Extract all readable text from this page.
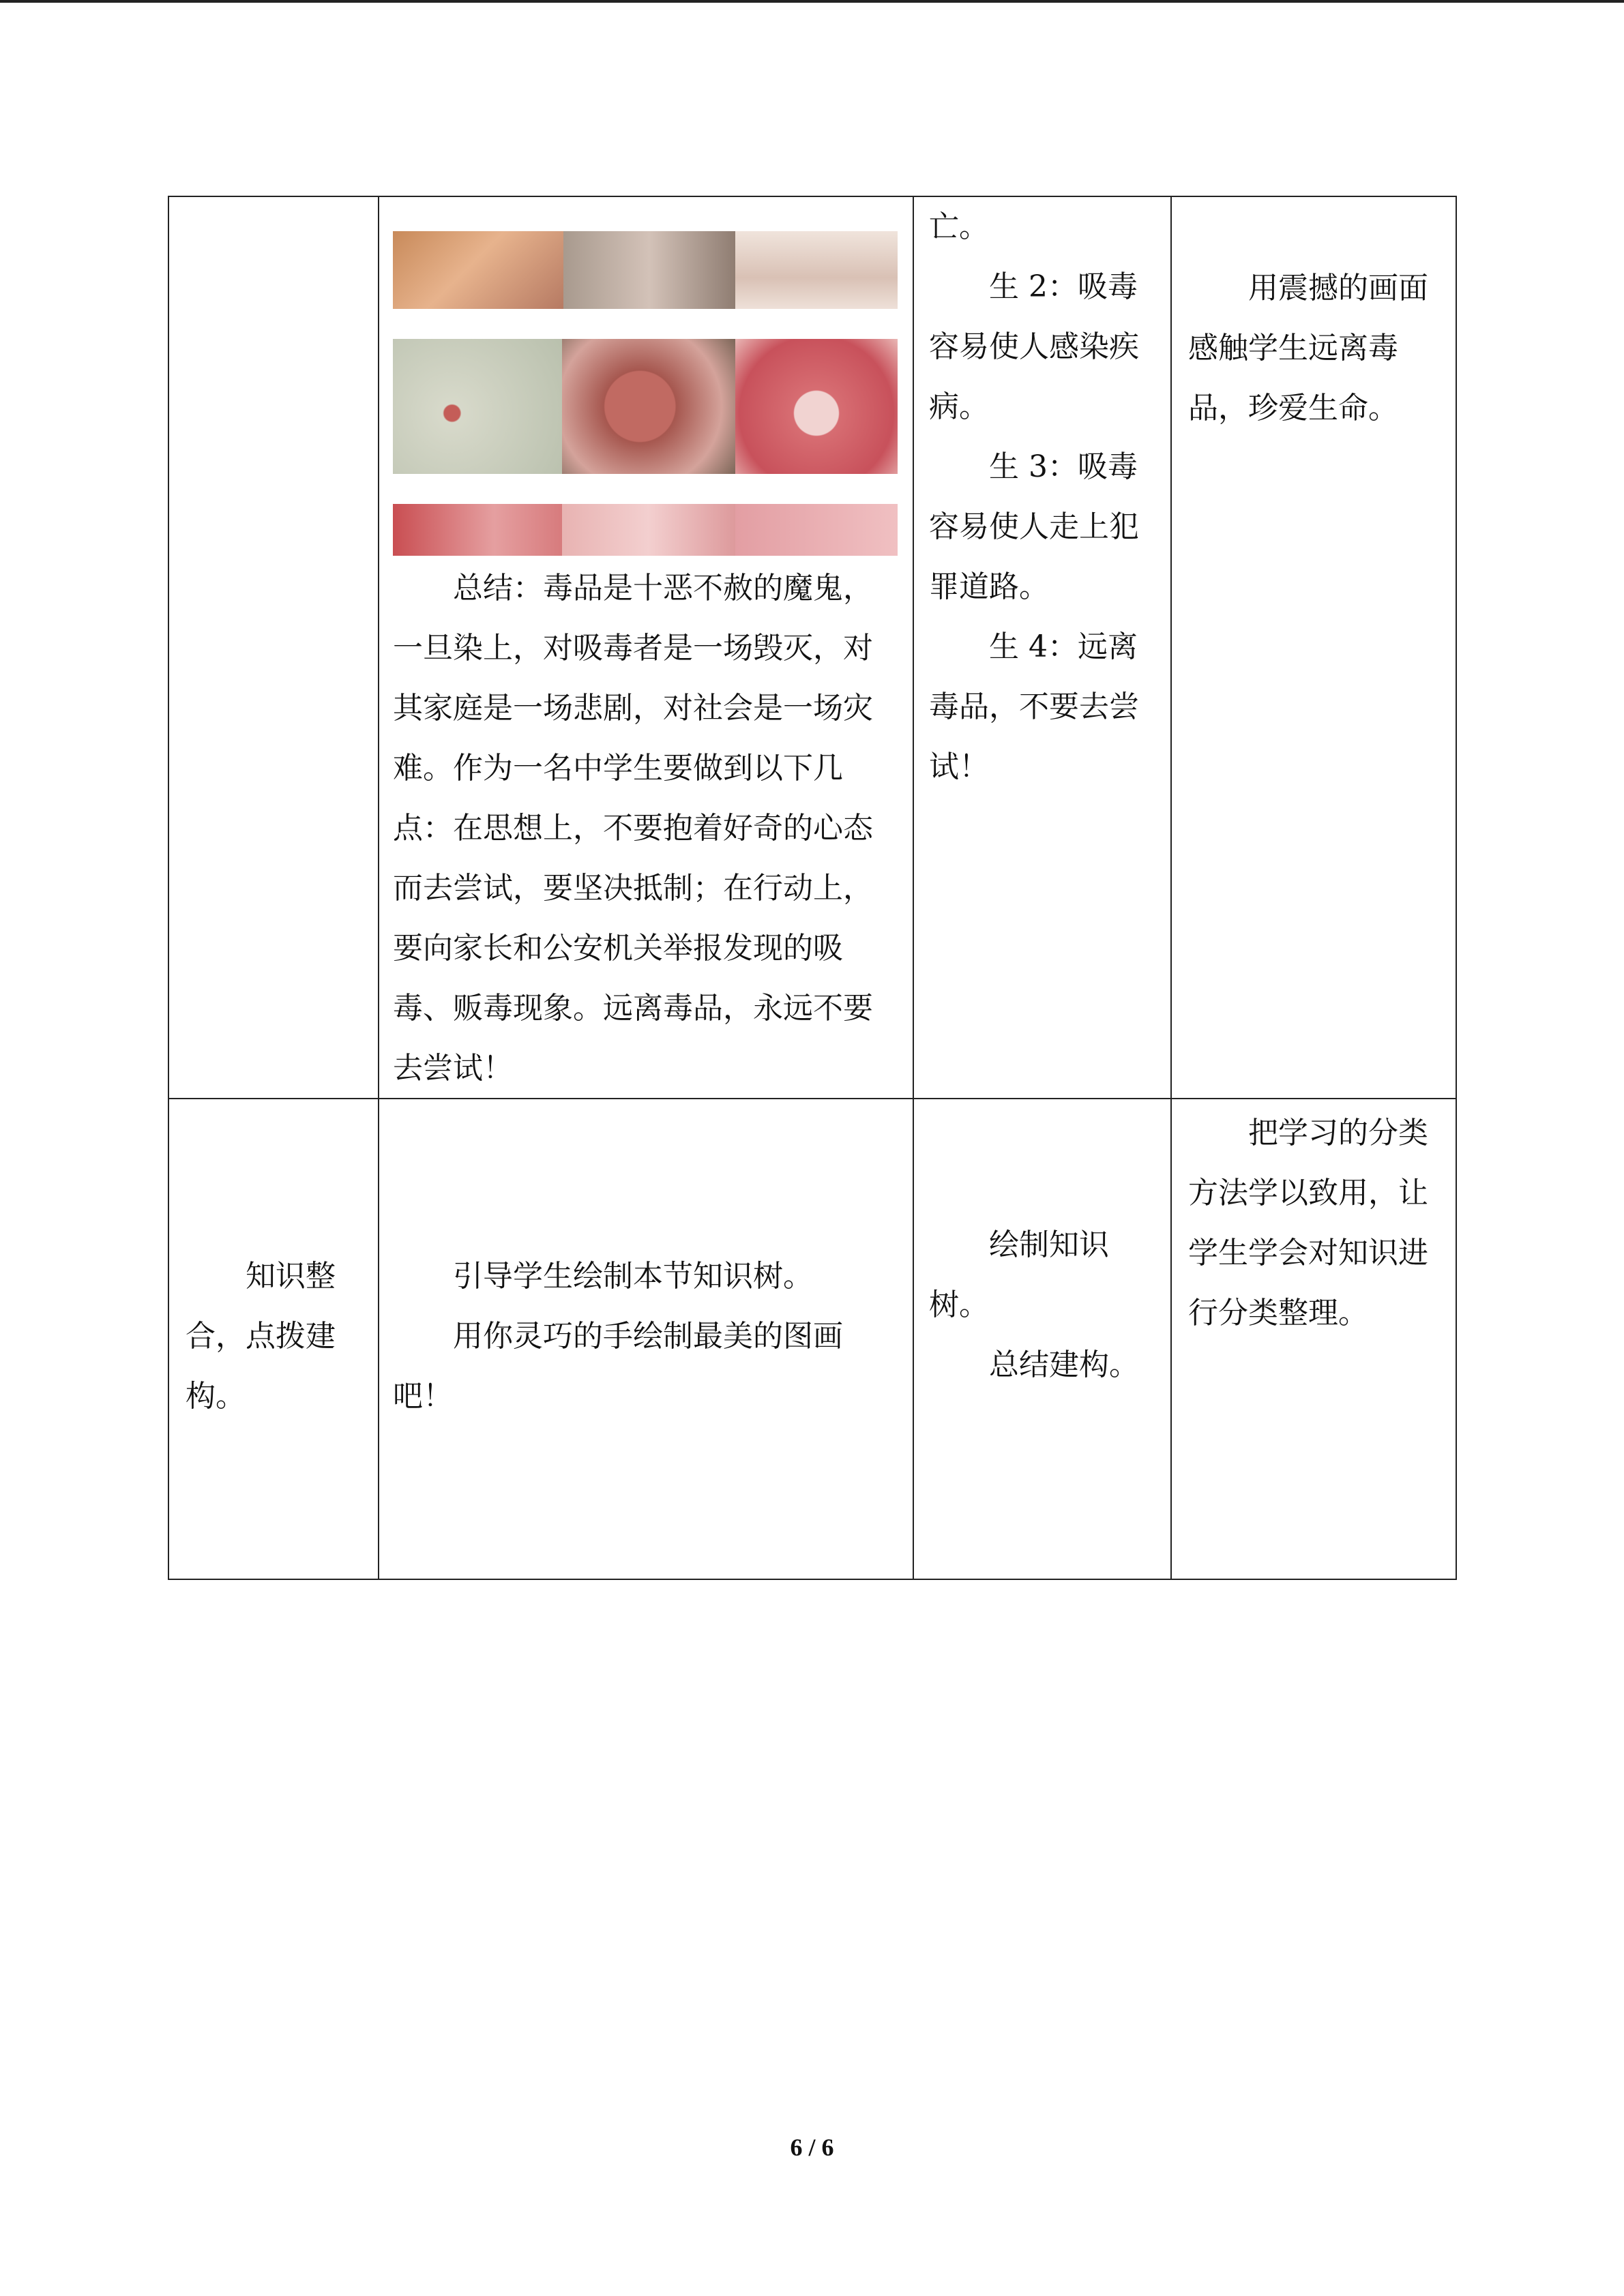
总结：毒品是十恶不赦的魔鬼，一旦染上，对吸毒者是一场毁灭，对其家庭是一场悲剧，对社会是一场灾难。作为一名中学生要做到以下几点：在思想上，不要抱着好奇的心态而去尝试，要坚决抵制；在行动上，要向家长和公安机关举报发现的吸毒、贩毒现象。远离毒品，永远不要去尝试！

亡。

生 2：吸毒容易使人感染疾病。

生 3：吸毒容易使人走上犯罪道路。

生 4：远离毒品，不要去尝试！

用震撼的画面感触学生远离毒品，珍爱生命。

知识整合，点拨建构。

引导学生绘制本节知识树。

用你灵巧的手绘制最美的图画吧！

绘制知识树。

总结建构。

把学习的分类方法学以致用，让学生学会对知识进行分类整理。

6 / 6
